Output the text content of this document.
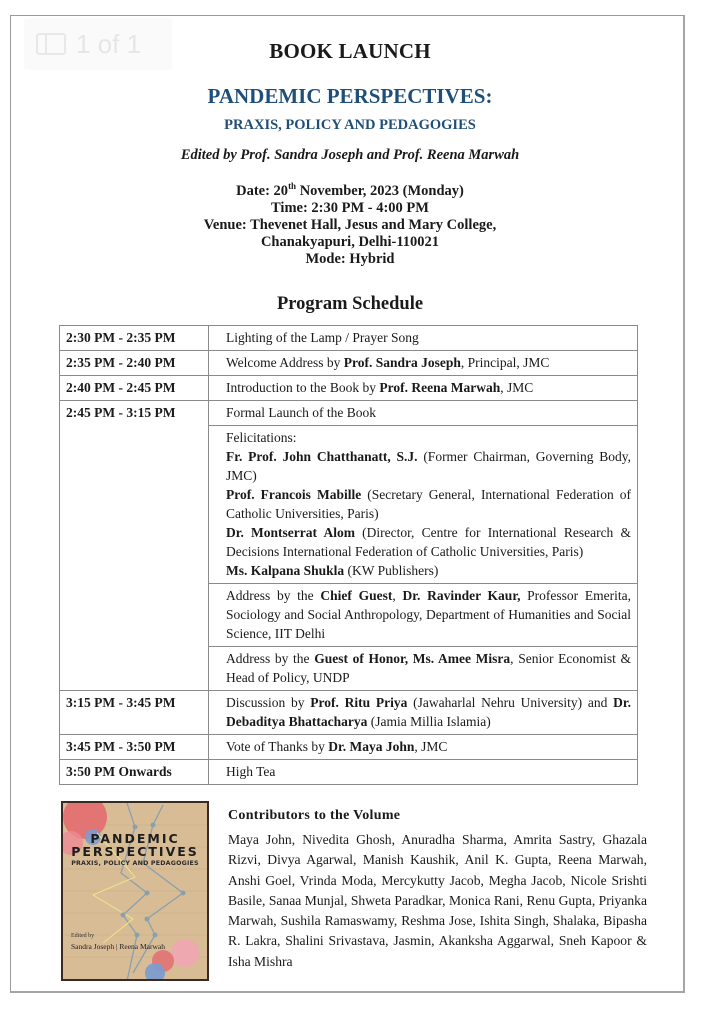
1 of 1	BOOK LAUNCH
PANDEMIC PERSPECTIVES:
PRAXIS, POLICY AND PEDAGOGIES
Edited by Prof. Sandra Joseph and Prof. Reena Marwah
Date: 20th November, 2023 (Monday)
Time: 2:30 PM - 4:00 PM
Venue: Thevenet Hall, Jesus and Mary College,
Chanakyapuri, Delhi-110021
Mode: Hybrid
Program Schedule
2:30 PM - 2:35 PM	Lighting of the Lamp / Prayer Song
2:35 PM - 2:40 PM	Welcome Address by Prof. Sandra Joseph, Principal, JMC
2:40 PM - 2:45 PM	Introduction to the Book by Prof. Reena Marwah, JMC
2:45 PM - 3:15 PM	Formal Launch of the Book
	Felicitations:
Fr. Prof. John Chatthanatt, S.J. (Former Chairman, Governing Body, JMC)
Prof. Francois Mabille (Secretary General, International Federation of Catholic Universities, Paris)
Dr. Montserrat Alom (Director, Centre for International Research & Decisions International Federation of Catholic Universities, Paris)
Ms. Kalpana Shukla (KW Publishers)
	Address by the Chief Guest, Dr. Ravinder Kaur, Professor Emerita, Sociology and Social Anthropology, Department of Humanities and Social Science, IIT Delhi
	Address by the Guest of Honor, Ms. Amee Misra, Senior Economist & Head of Policy, UNDP
3:15 PM - 3:45 PM	Discussion by Prof. Ritu Priya (Jawaharlal Nehru University) and Dr. Debaditya Bhattacharya (Jamia Millia Islamia)
3:45 PM - 3:50 PM	Vote of Thanks by Dr. Maya John, JMC
3:50 PM Onwards	High Tea
PANDEMIC
PERSPECTIVES
PRAXIS, POLICY AND PEDAGOGIES
Edited by
Sandra Joseph | Reena Marwah
Contributors to the Volume
Maya John, Nivedita Ghosh, Anuradha Sharma, Amrita Sastry, Ghazala Rizvi, Divya Agarwal, Manish Kaushik, Anil K. Gupta, Reena Marwah, Anshi Goel, Vrinda Moda, Mercykutty Jacob, Megha Jacob, Nicole Srishti Basile, Sanaa Munjal, Shweta Paradkar, Monica Rani, Renu Gupta, Priyanka Marwah, Sushila Ramaswamy, Reshma Jose, Ishita Singh, Shalaka, Bipasha R. Lakra, Shalini Srivastava, Jasmin, Akanksha Aggarwal, Sneh Kapoor & Isha Mishra
